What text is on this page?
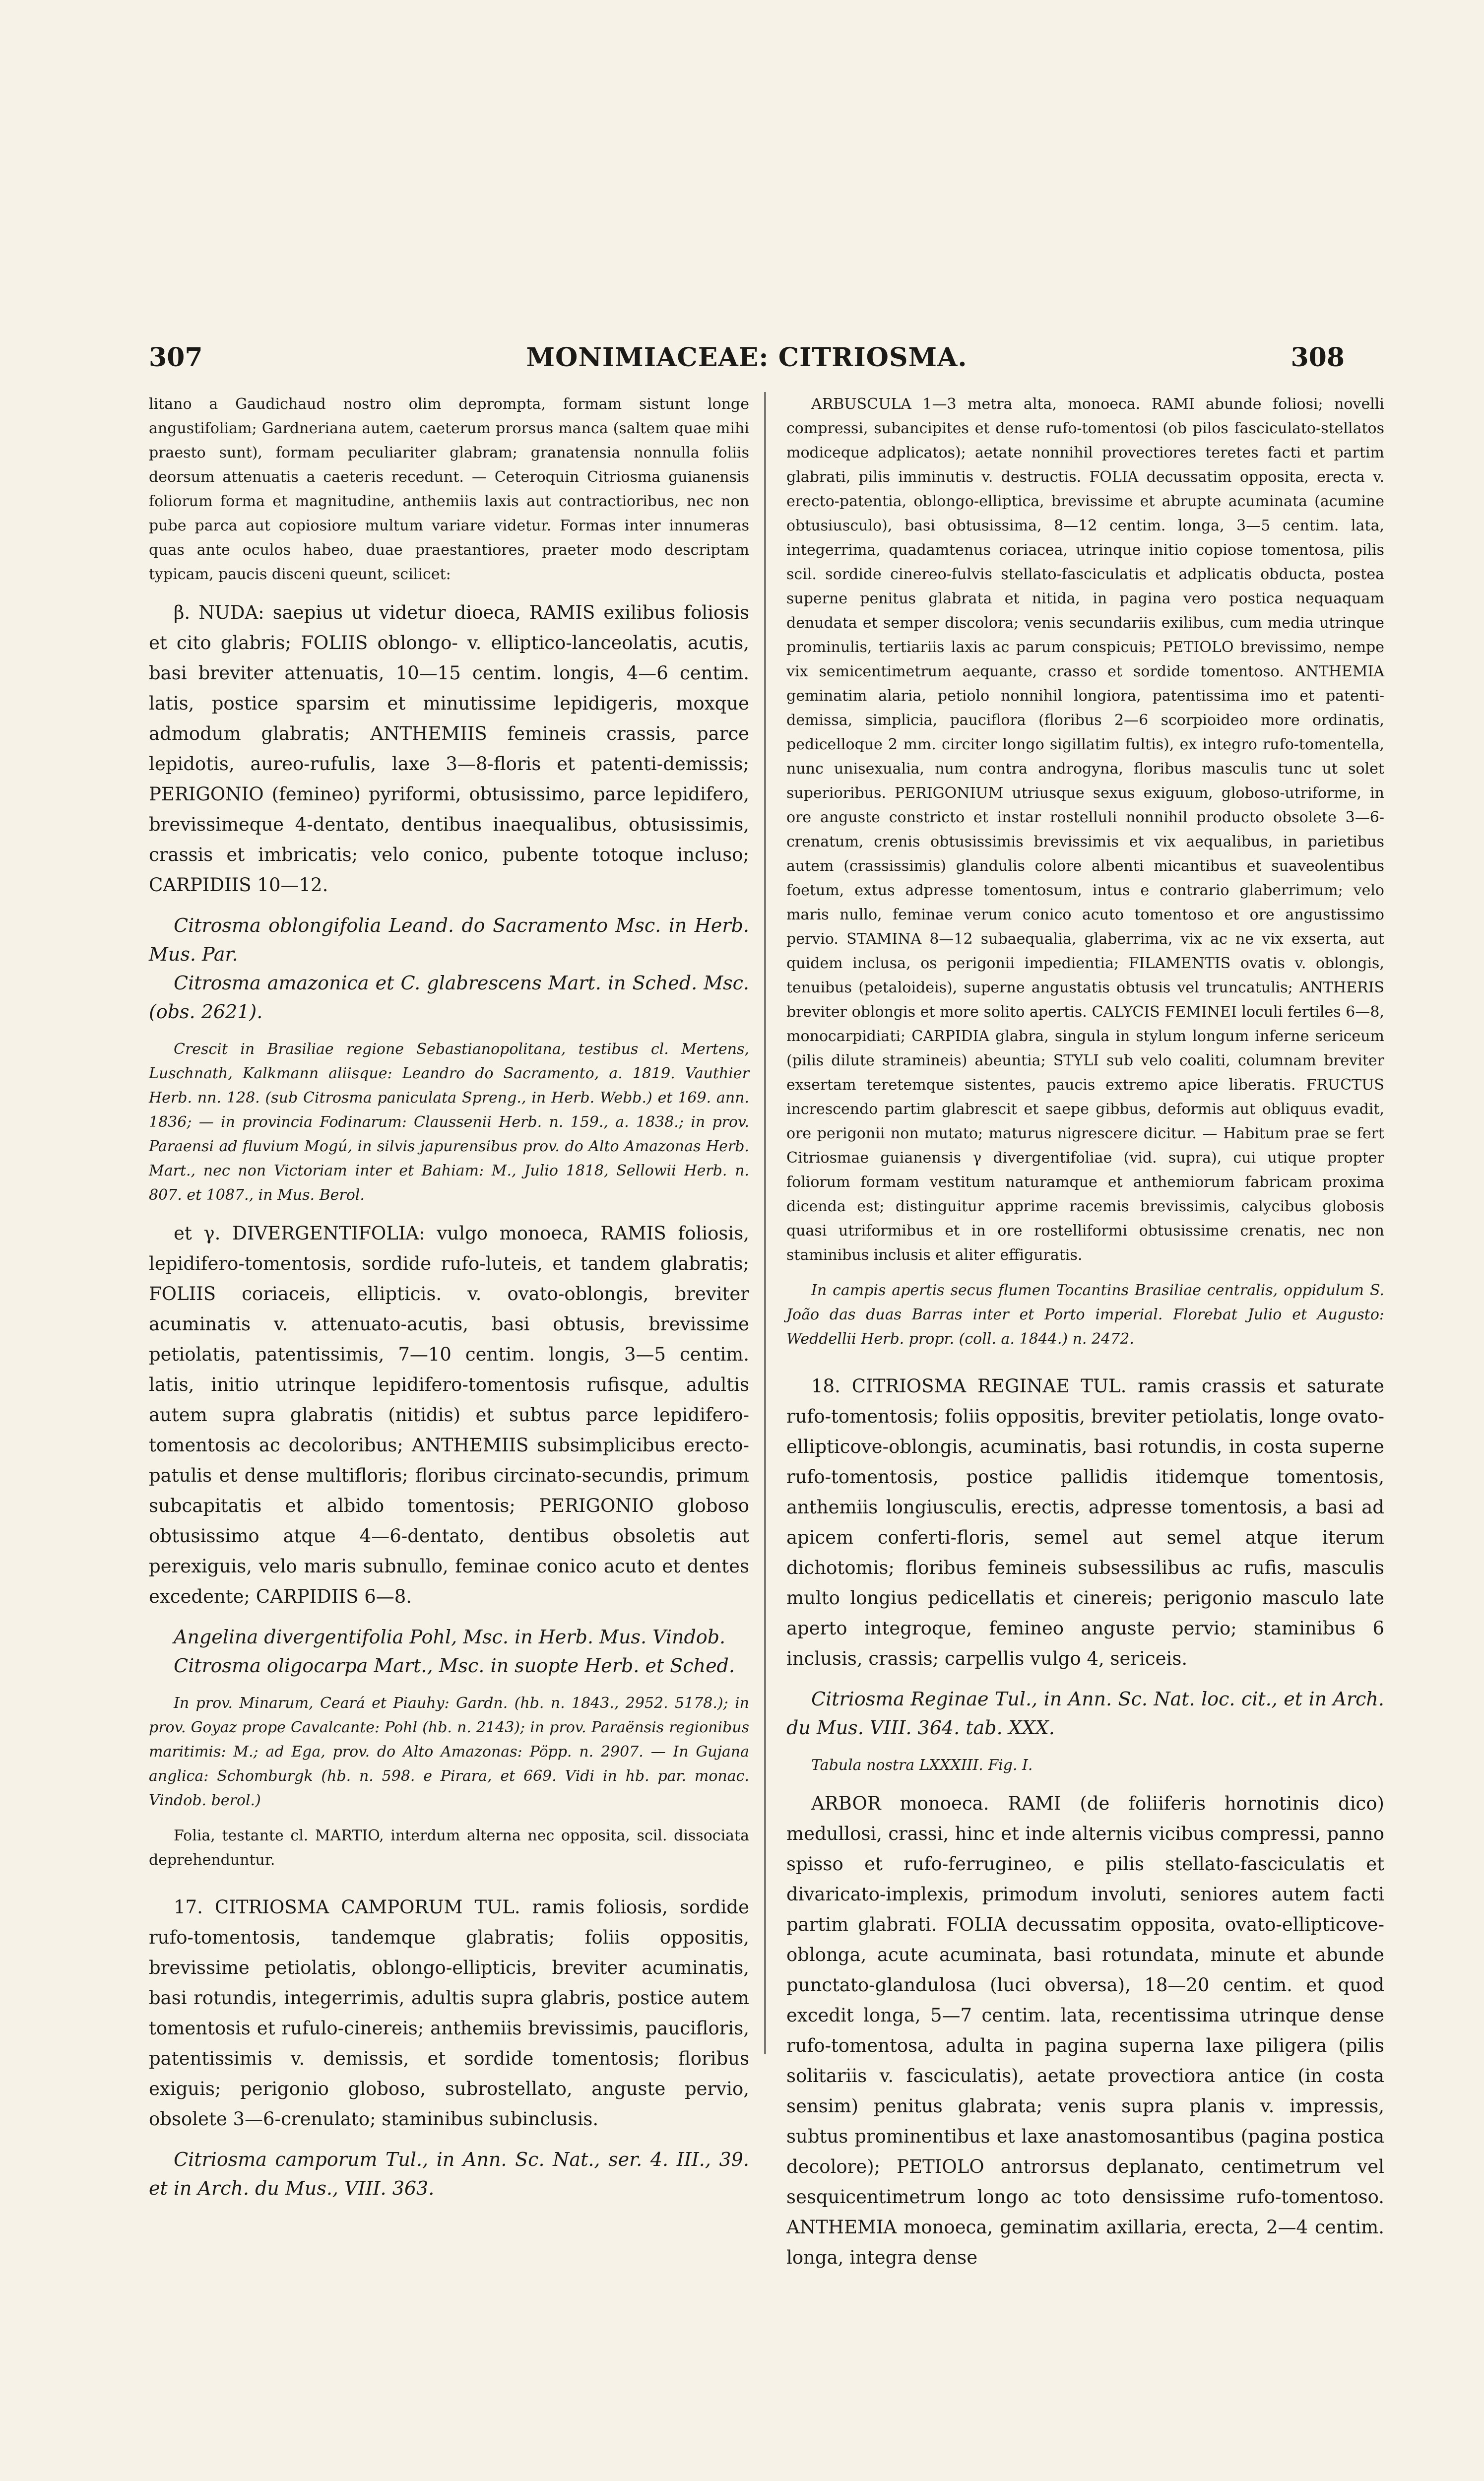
307	MONIMIACEAE: CITRIOSMA.	308

litano a Gaudichaud nostro olim deprompta, formam sistunt longe angustifoliam; Gardneriana autem, caeterum prorsus manca (saltem quae mihi praesto sunt), formam peculiariter glabram; granatensia nonnulla foliis deorsum attenuatis a caeteris recedunt. — Ceteroquin Citriosma guianensis foliorum forma et magnitudine, anthemiis laxis aut contractioribus, nec non pube parca aut copiosiore multum variare videtur. Formas inter innumeras quas ante oculos habeo, duae praestantiores, praeter modo descriptam typicam, paucis disceni queunt, scilicet:

β. NUDA: saepius ut videtur dioeca, RAMIS exilibus foliosis et cito glabris; FOLIIS oblongo- v. elliptico-lanceolatis, acutis, basi breviter attenuatis, 10—15 centim. longis, 4—6 centim. latis, postice sparsim et minutissime lepidigeris, moxque admodum glabratis; ANTHEMIIS femineis crassis, parce lepidotis, aureo-rufulis, laxe 3—8-floris et patenti-demissis; PERIGONIO (femineo) pyriformi, obtusissimo, parce lepidifero, brevissimeque 4-dentato, dentibus inaequalibus, obtusissimis, crassis et imbricatis; velo conico, pubente totoque incluso; CARPIDIIS 10—12.

Citrosma oblongifolia Leand. do Sacramento Msc. in Herb. Mus. Par.

Citrosma amazonica et C. glabrescens Mart. in Sched. Msc. (obs. 2621).

Crescit in Brasiliae regione Sebastianopolitana, testibus cl. Mertens, Luschnath, Kalkmann aliisque: Leandro do Sacramento, a. 1819. Vauthier Herb. nn. 128. (sub Citrosma paniculata Spreng., in Herb. Webb.) et 169. ann. 1836; — in provincia Fodinarum: Claussenii Herb. n. 159., a. 1838.; in prov. Paraensi ad fluvium Mogú, in silvis japurensibus prov. do Alto Amazonas Herb. Mart., nec non Victoriam inter et Bahiam: M., Julio 1818, Sellowii Herb. n. 807. et 1087., in Mus. Berol.

et γ. DIVERGENTIFOLIA: vulgo monoeca, RAMIS foliosis, lepidifero-tomentosis, sordide rufo-luteis, et tandem glabratis; FOLIIS coriaceis, ellipticis. v. ovato-oblongis, breviter acuminatis v. attenuato-acutis, basi obtusis, brevissime petiolatis, patentissimis, 7—10 centim. longis, 3—5 centim. latis, initio utrinque lepidifero-tomentosis rufisque, adultis autem supra glabratis (nitidis) et subtus parce lepidifero-tomentosis ac decoloribus; ANTHEMIIS subsimplicibus erecto-patulis et dense multifloris; floribus circinato-secundis, primum subcapitatis et albido tomentosis; PERIGONIO globoso obtusissimo atque 4—6-dentato, dentibus obsoletis aut perexiguis, velo maris subnullo, feminae conico acuto et dentes excedente; CARPIDIIS 6—8.

Angelina divergentifolia Pohl, Msc. in Herb. Mus. Vindob.

Citrosma oligocarpa Mart., Msc. in suopte Herb. et Sched.

In prov. Minarum, Ceará et Piauhy: Gardn. (hb. n. 1843., 2952. 5178.); in prov. Goyaz prope Cavalcante: Pohl (hb. n. 2143); in prov. Paraënsis regionibus maritimis: M.; ad Ega, prov. do Alto Amazonas: Pöpp. n. 2907. — In Gujana anglica: Schomburgk (hb. n. 598. e Pirara, et 669. Vidi in hb. par. monac. Vindob. berol.)

Folia, testante cl. MARTIO, interdum alterna nec opposita, scil. dissociata deprehenduntur.

17. CITRIOSMA CAMPORUM TUL. ramis foliosis, sordide rufo-tomentosis, tandemque glabratis; foliis oppositis, brevissime petiolatis, oblongo-ellipticis, breviter acuminatis, basi rotundis, integerrimis, adultis supra glabris, postice autem tomentosis et rufulo-cinereis; anthemiis brevissimis, paucifloris, patentissimis v. demissis, et sordide tomentosis; floribus exiguis; perigonio globoso, subrostellato, anguste pervio, obsolete 3—6-crenulato; staminibus subinclusis.

Citriosma camporum Tul., in Ann. Sc. Nat., ser. 4. III., 39. et in Arch. du Mus., VIII. 363.

ARBUSCULA 1—3 metra alta, monoeca. RAMI abunde foliosi; novelli compressi, subancipites et dense rufo-tomentosi (ob pilos fasciculato-stellatos modiceque adplicatos); aetate nonnihil provectiores teretes facti et partim glabrati, pilis imminutis v. destructis. FOLIA decussatim opposita, erecta v. erecto-patentia, oblongo-elliptica, brevissime et abrupte acuminata (acumine obtusiusculo), basi obtusissima, 8—12 centim. longa, 3—5 centim. lata, integerrima, quadamtenus coriacea, utrinque initio copiose tomentosa, pilis scil. sordide cinereo-fulvis stellato-fasciculatis et adplicatis obducta, postea superne penitus glabrata et nitida, in pagina vero postica nequaquam denudata et semper discolora; venis secundariis exilibus, cum media utrinque prominulis, tertiariis laxis ac parum conspicuis; PETIOLO brevissimo, nempe vix semicentimetrum aequante, crasso et sordide tomentoso. ANTHEMIA geminatim alaria, petiolo nonnihil longiora, patentissima imo et patenti-demissa, simplicia, pauciflora (floribus 2—6 scorpioideo more ordinatis, pedicelloque 2 mm. circiter longo sigillatim fultis), ex integro rufo-tomentella, nunc unisexualia, num contra androgyna, floribus masculis tunc ut solet superioribus. PERIGONIUM utriusque sexus exiguum, globoso-utriforme, in ore anguste constricto et instar rostelluli nonnihil producto obsolete 3—6-crenatum, crenis obtusissimis brevissimis et vix aequalibus, in parietibus autem (crassissimis) glandulis colore albenti micantibus et suaveolentibus foetum, extus adpresse tomentosum, intus e contrario glaberrimum; velo maris nullo, feminae verum conico acuto tomentoso et ore angustissimo pervio. STAMINA 8—12 subaequalia, glaberrima, vix ac ne vix exserta, aut quidem inclusa, os perigonii impedientia; FILAMENTIS ovatis v. oblongis, tenuibus (petaloideis), superne angustatis obtusis vel truncatulis; ANTHERIS breviter oblongis et more solito apertis. CALYCIS FEMINEI loculi fertiles 6—8, monocarpidiati; CARPIDIA glabra, singula in stylum longum inferne sericeum (pilis dilute stramineis) abeuntia; STYLI sub velo coaliti, columnam breviter exsertam teretemque sistentes, paucis extremo apice liberatis. FRUCTUS increscendo partim glabrescit et saepe gibbus, deformis aut obliquus evadit, ore perigonii non mutato; maturus nigrescere dicitur. — Habitum prae se fert Citriosmae guianensis γ divergentifoliae (vid. supra), cui utique propter foliorum formam vestitum naturamque et anthemiorum fabricam proxima dicenda est; distinguitur apprime racemis brevissimis, calycibus globosis quasi utriformibus et in ore rostelliformi obtusissime crenatis, nec non staminibus inclusis et aliter effiguratis.

In campis apertis secus flumen Tocantins Brasiliae centralis, oppidulum S. João das duas Barras inter et Porto imperial. Florebat Julio et Augusto: Weddellii Herb. propr. (coll. a. 1844.) n. 2472.

18. CITRIOSMA REGINAE TUL. ramis crassis et saturate rufo-tomentosis; foliis oppositis, breviter petiolatis, longe ovato-ellipticove-oblongis, acuminatis, basi rotundis, in costa superne rufo-tomentosis, postice pallidis itidemque tomentosis, anthemiis longiusculis, erectis, adpresse tomentosis, a basi ad apicem conferti-floris, semel aut semel atque iterum dichotomis; floribus femineis subsessilibus ac rufis, masculis multo longius pedicellatis et cinereis; perigonio masculo late aperto integroque, femineo anguste pervio; staminibus 6 inclusis, crassis; carpellis vulgo 4, sericeis.

Citriosma Reginae Tul., in Ann. Sc. Nat. loc. cit., et in Arch. du Mus. VIII. 364. tab. XXX.

Tabula nostra LXXXIII. Fig. I.

ARBOR monoeca. RAMI (de foliiferis hornotinis dico) medullosi, crassi, hinc et inde alternis vicibus compressi, panno spisso et rufo-ferrugineo, e pilis stellato-fasciculatis et divaricato-implexis, primodum involuti, seniores autem facti partim glabrati. FOLIA decussatim opposita, ovato-ellipticove-oblonga, acute acuminata, basi rotundata, minute et abunde punctato-glandulosa (luci obversa), 18—20 centim. et quod excedit longa, 5—7 centim. lata, recentissima utrinque dense rufo-tomentosa, adulta in pagina superna laxe piligera (pilis solitariis v. fasciculatis), aetate provectiora antice (in costa sensim) penitus glabrata; venis supra planis v. impressis, subtus prominentibus et laxe anastomosantibus (pagina postica decolore); PETIOLO antrorsus deplanato, centimetrum vel sesquicentimetrum longo ac toto densissime rufo-tomentoso. ANTHEMIA monoeca, geminatim axillaria, erecta, 2—4 centim. longa, integra dense
